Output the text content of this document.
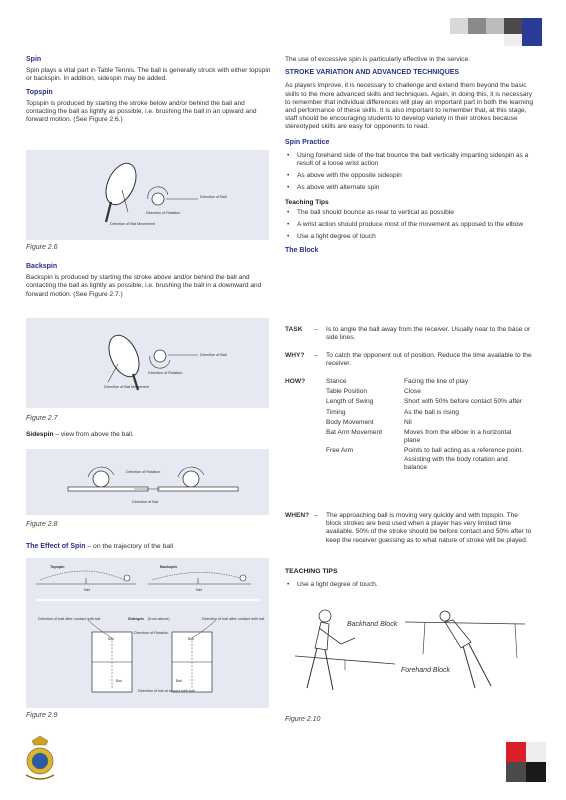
Spin

Spin plays a vital part in Table Tennis. The ball is generally struck with either topspin or backspin. In addition, sidespin may be added.

Topspin

Topspin is produced by starting the stroke below and/or behind the ball and contacting the ball as lightly as possible, i.e. brushing the ball in an upward and forward motion. (See Figure 2.6.)

Direction of Ball
Direction of Rotation
Direction of Bat Movement
Figure 2.6
Backspin

Backspin is produced by starting the stroke above and/or behind the ball and contacting the ball as lightly as possible, i.e. brushing the ball in a downward and forward motion. (See Figure 2.7.)

Direction of Ball
Direction of Rotation
Direction of Bat Movement
Figure 2.7
Sidespin – view from above the ball.
Direction of Rotation
Direction of Bat
Figure 2.8
The Effect of Spin – on the trajectory of the ball
Topspin	Backspin
Net	Net
Sidespin (from above)
Direction of ball after contact with bat	Direction of ball after contact with bat
Direction of Rotation
Bat	Bat
Bat	Bat
Direction of bat at impact with ball
Figure 2.9

The use of excessive spin is particularly effective in the service.

STROKE VARIATION AND ADVANCED TECHNIQUES

As players improve, it is necessary to challenge and extend them beyond the basic skills to the more advanced skills and techniques. Again, in doing this, it is necessary to remember that individual differences will play an important part in both the learning and performance of these skills. It is also important to remember that, at this stage, staff should be encouraging students to develop variety in their strokes because stereotyped skills are easy for opponents to read.

Spin Practice
• Using forehand side of the bat bounce the ball vertically imparting sidespin as a result of a loose wrist action
• As above with the opposite sidespin
• As above with alternate spin
Teaching Tips
• The ball should bounce as near to vertical as possible
• A wrist action should produce most of the movement as opposed to the elbow
• Use a light degree of touch
The Block
TASK – Is to angle the ball away from the receiver. Usually near to the base or side lines.
WHY? – To catch the opponent out of position. Reduce the time available to the receiver.
HOW?	Stance	Facing the line of play
Table Position	Close
Length of Swing	Short with 50% before contact 50% after
Timing	As the ball is rising
Body Movement	Nil
Bat Arm Movement	Moves from the elbow in a horizontal plane
Free Arm	Points to ball acting as a reference point. Assisting with the body rotation and balance
WHEN? – The approaching ball is moving very quickly and with topspin. The block strokes are best used when a player has very limited time available. 50% of the stroke should be before contact and 50% after to keep the receiver guessing as to what nature of stroke will be played.
TEACHING TIPS
• Use a light degree of touch.
Backhand Block
Forehand Block
Figure 2.10
